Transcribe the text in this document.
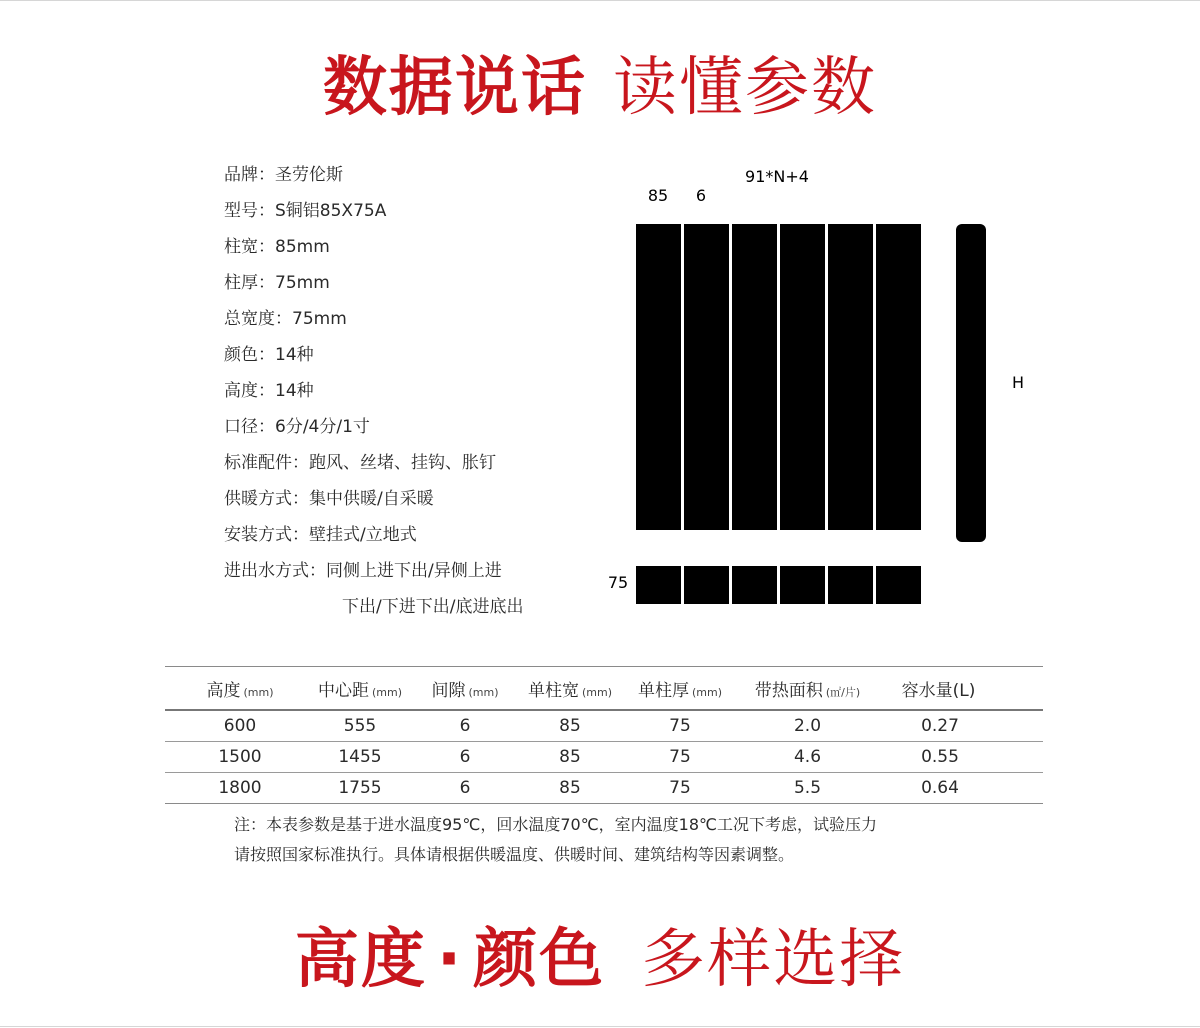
数据说话 读懂参数
品牌：圣劳伦斯
型号：S铜铝85X75A
柱宽：85mm
柱厚：75mm
总宽度：75mm
颜色：14种
高度：14种
口径：6分/4分/1寸
标准配件：跑风、丝堵、挂钩、胀钉
供暖方式：集中供暖/自采暖
安装方式：壁挂式/立地式
进出水方式：同侧上进下出/异侧上进
下出/下进下出/底进底出
91*N+4
85 6
H
75
高度 (mm)	中心距 (mm)	间隙 (mm)	单柱宽 (mm)	单柱厚 (mm)	带热面积 (㎡/片)	容水量(L)
600	555	6	85	75	2.0	0.27
1500	1455	6	85	75	4.6	0.55
1800	1755	6	85	75	5.5	0.64
注：本表参数是基于进水温度95℃，回水温度70℃，室内温度18℃工况下考虑，试验压力
请按照国家标准执行。具体请根据供暖温度、供暖时间、建筑结构等因素调整。
高度 · 颜色 多样选择
